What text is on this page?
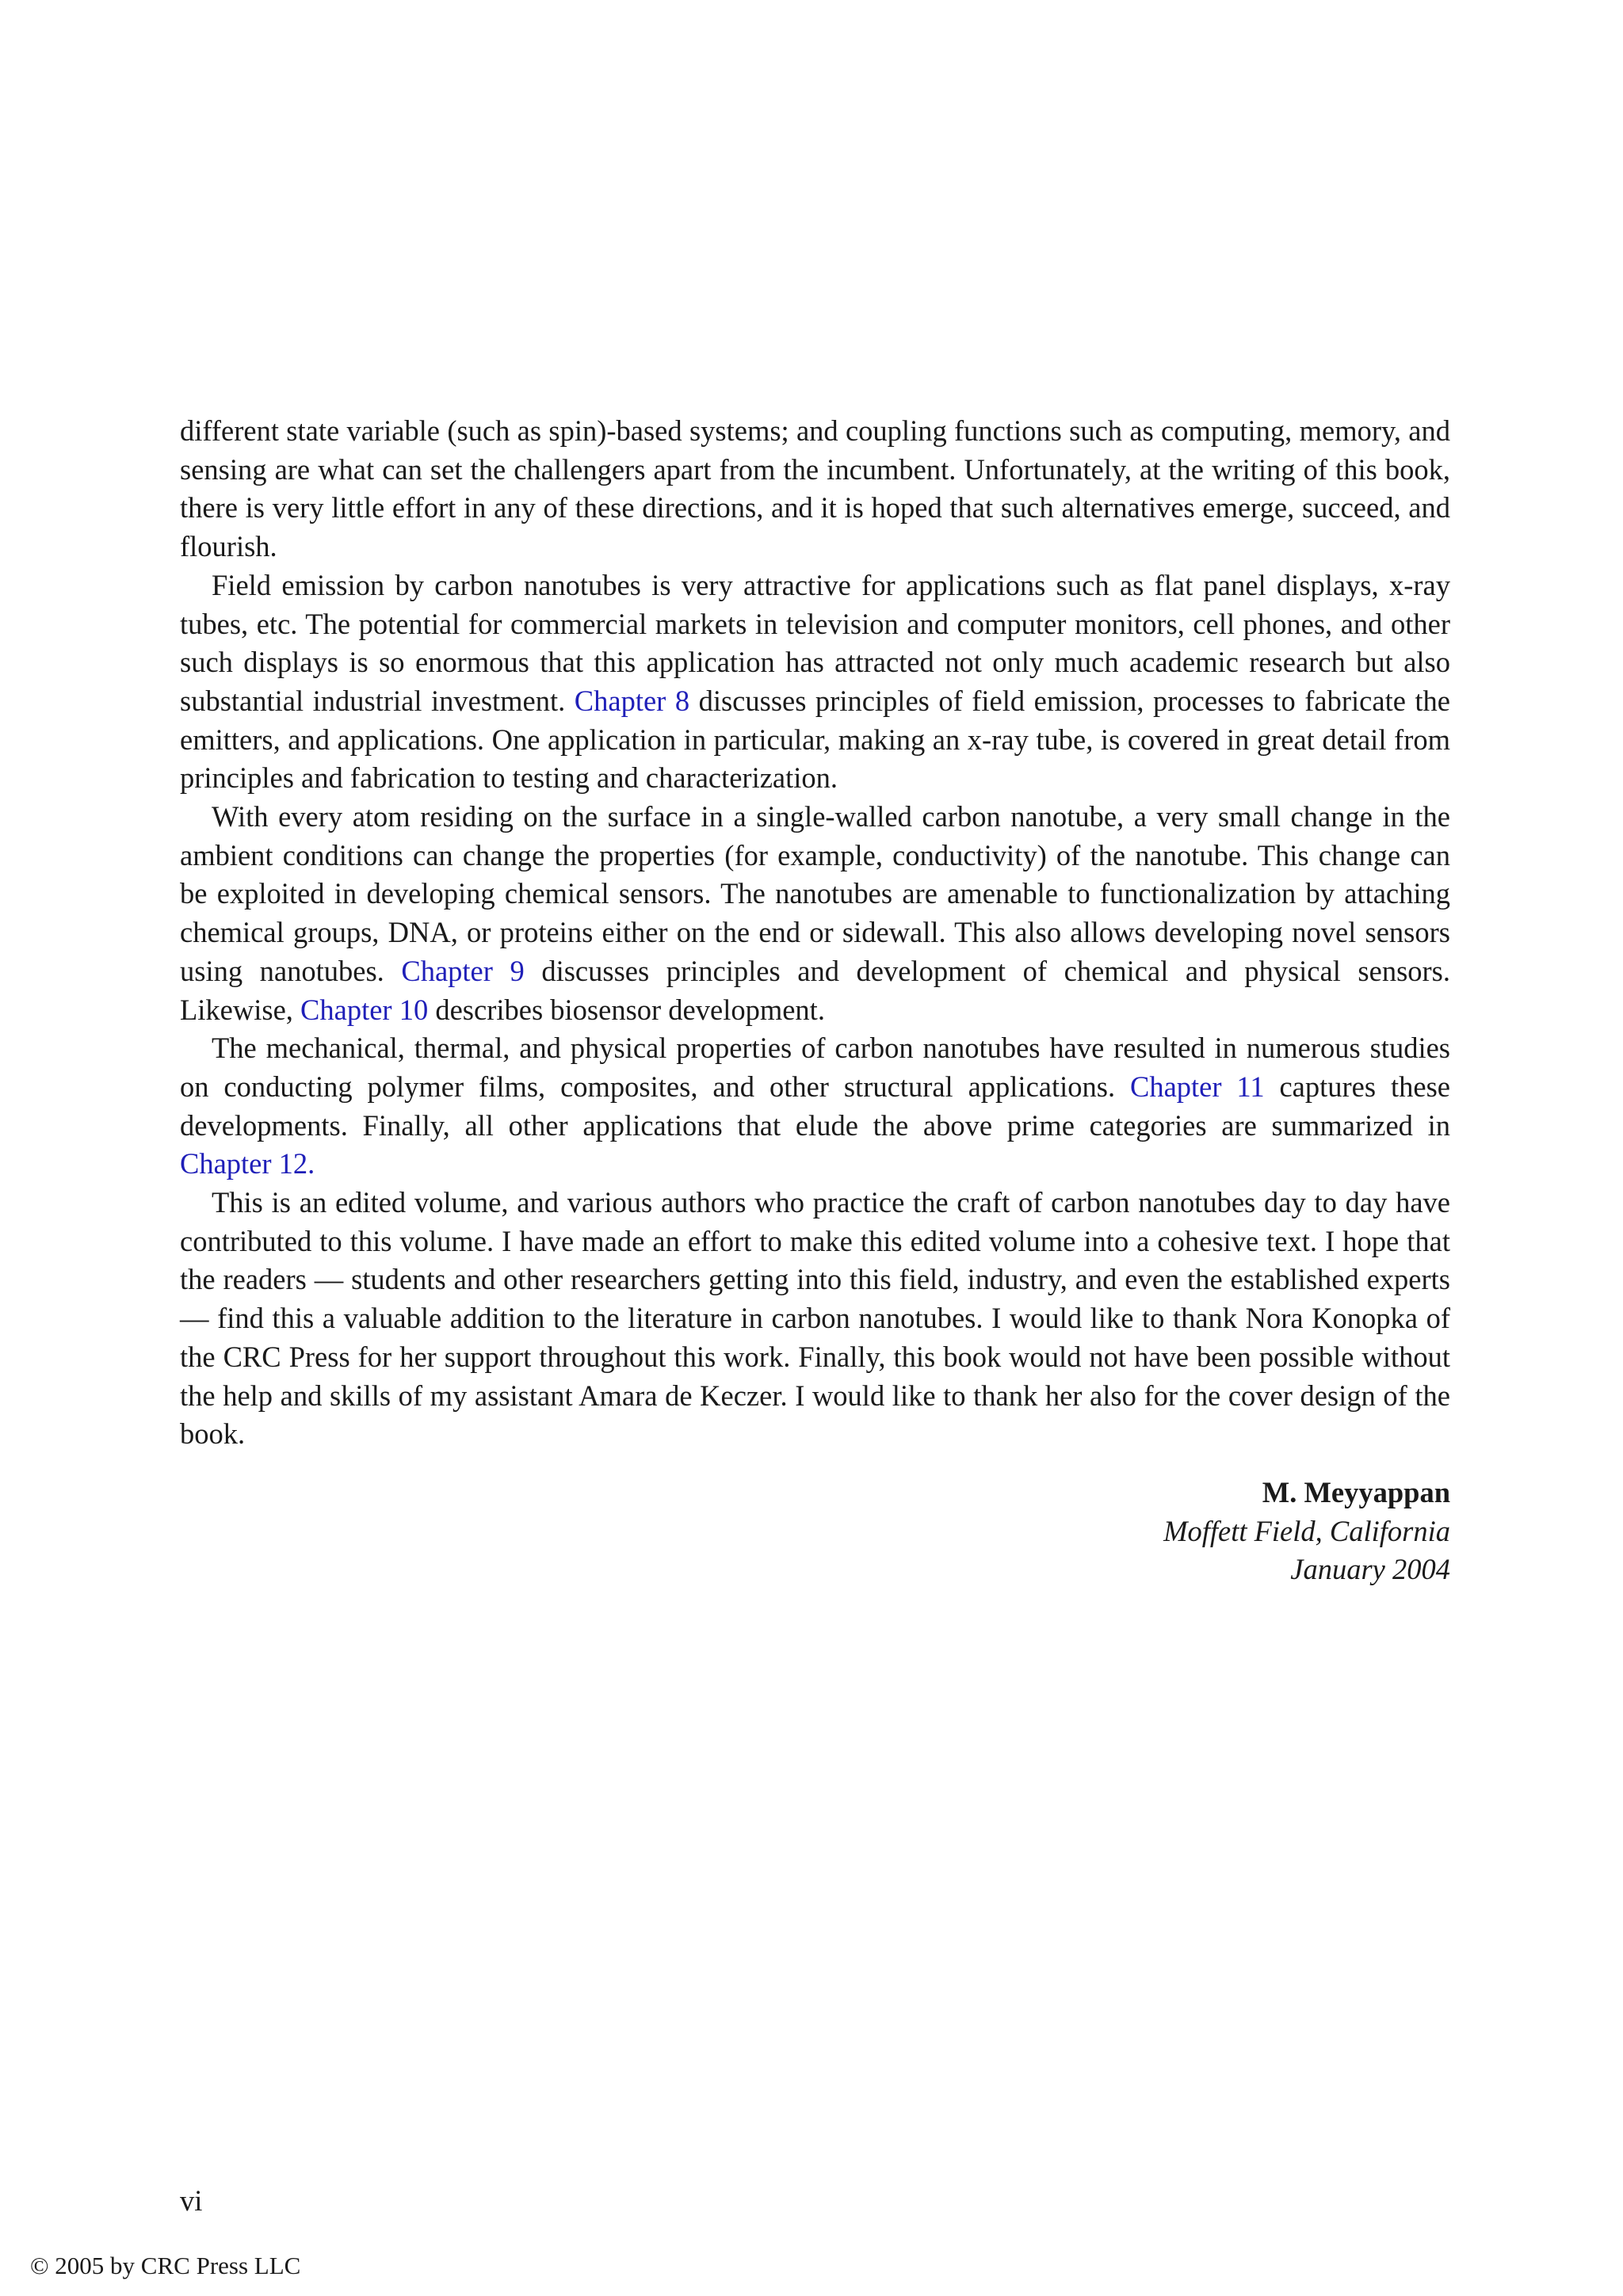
different state variable (such as spin)-based systems; and coupling functions such as computing, memory, and sensing are what can set the challengers apart from the incumbent. Unfortunately, at the writing of this book, there is very little effort in any of these directions, and it is hoped that such alternatives emerge, succeed, and flourish.

Field emission by carbon nanotubes is very attractive for applications such as flat panel displays, x-ray tubes, etc. The potential for commercial markets in television and computer monitors, cell phones, and other such displays is so enormous that this application has attracted not only much academic research but also substantial industrial investment. Chapter 8 discusses principles of field emission, processes to fabricate the emitters, and applications. One application in particular, making an x-ray tube, is covered in great detail from principles and fabrication to testing and characterization.

With every atom residing on the surface in a single-walled carbon nanotube, a very small change in the ambient conditions can change the properties (for example, conductivity) of the nanotube. This change can be exploited in developing chemical sensors. The nanotubes are amenable to functionalization by attaching chemical groups, DNA, or proteins either on the end or sidewall. This also allows developing novel sensors using nanotubes. Chapter 9 discusses principles and development of chemical and physical sensors. Likewise, Chapter 10 describes biosensor development.

The mechanical, thermal, and physical properties of carbon nanotubes have resulted in numerous studies on conducting polymer films, composites, and other structural applications. Chapter 11 captures these developments. Finally, all other applications that elude the above prime categories are summarized in Chapter 12.

This is an edited volume, and various authors who practice the craft of carbon nanotubes day to day have contributed to this volume. I have made an effort to make this edited volume into a cohesive text. I hope that the readers — students and other researchers getting into this field, industry, and even the established experts — find this a valuable addition to the literature in carbon nanotubes. I would like to thank Nora Konopka of the CRC Press for her support throughout this work. Finally, this book would not have been possible without the help and skills of my assistant Amara de Keczer. I would like to thank her also for the cover design of the book.

M. Meyyappan
Moffett Field, California
January 2004
vi
© 2005 by CRC Press LLC
